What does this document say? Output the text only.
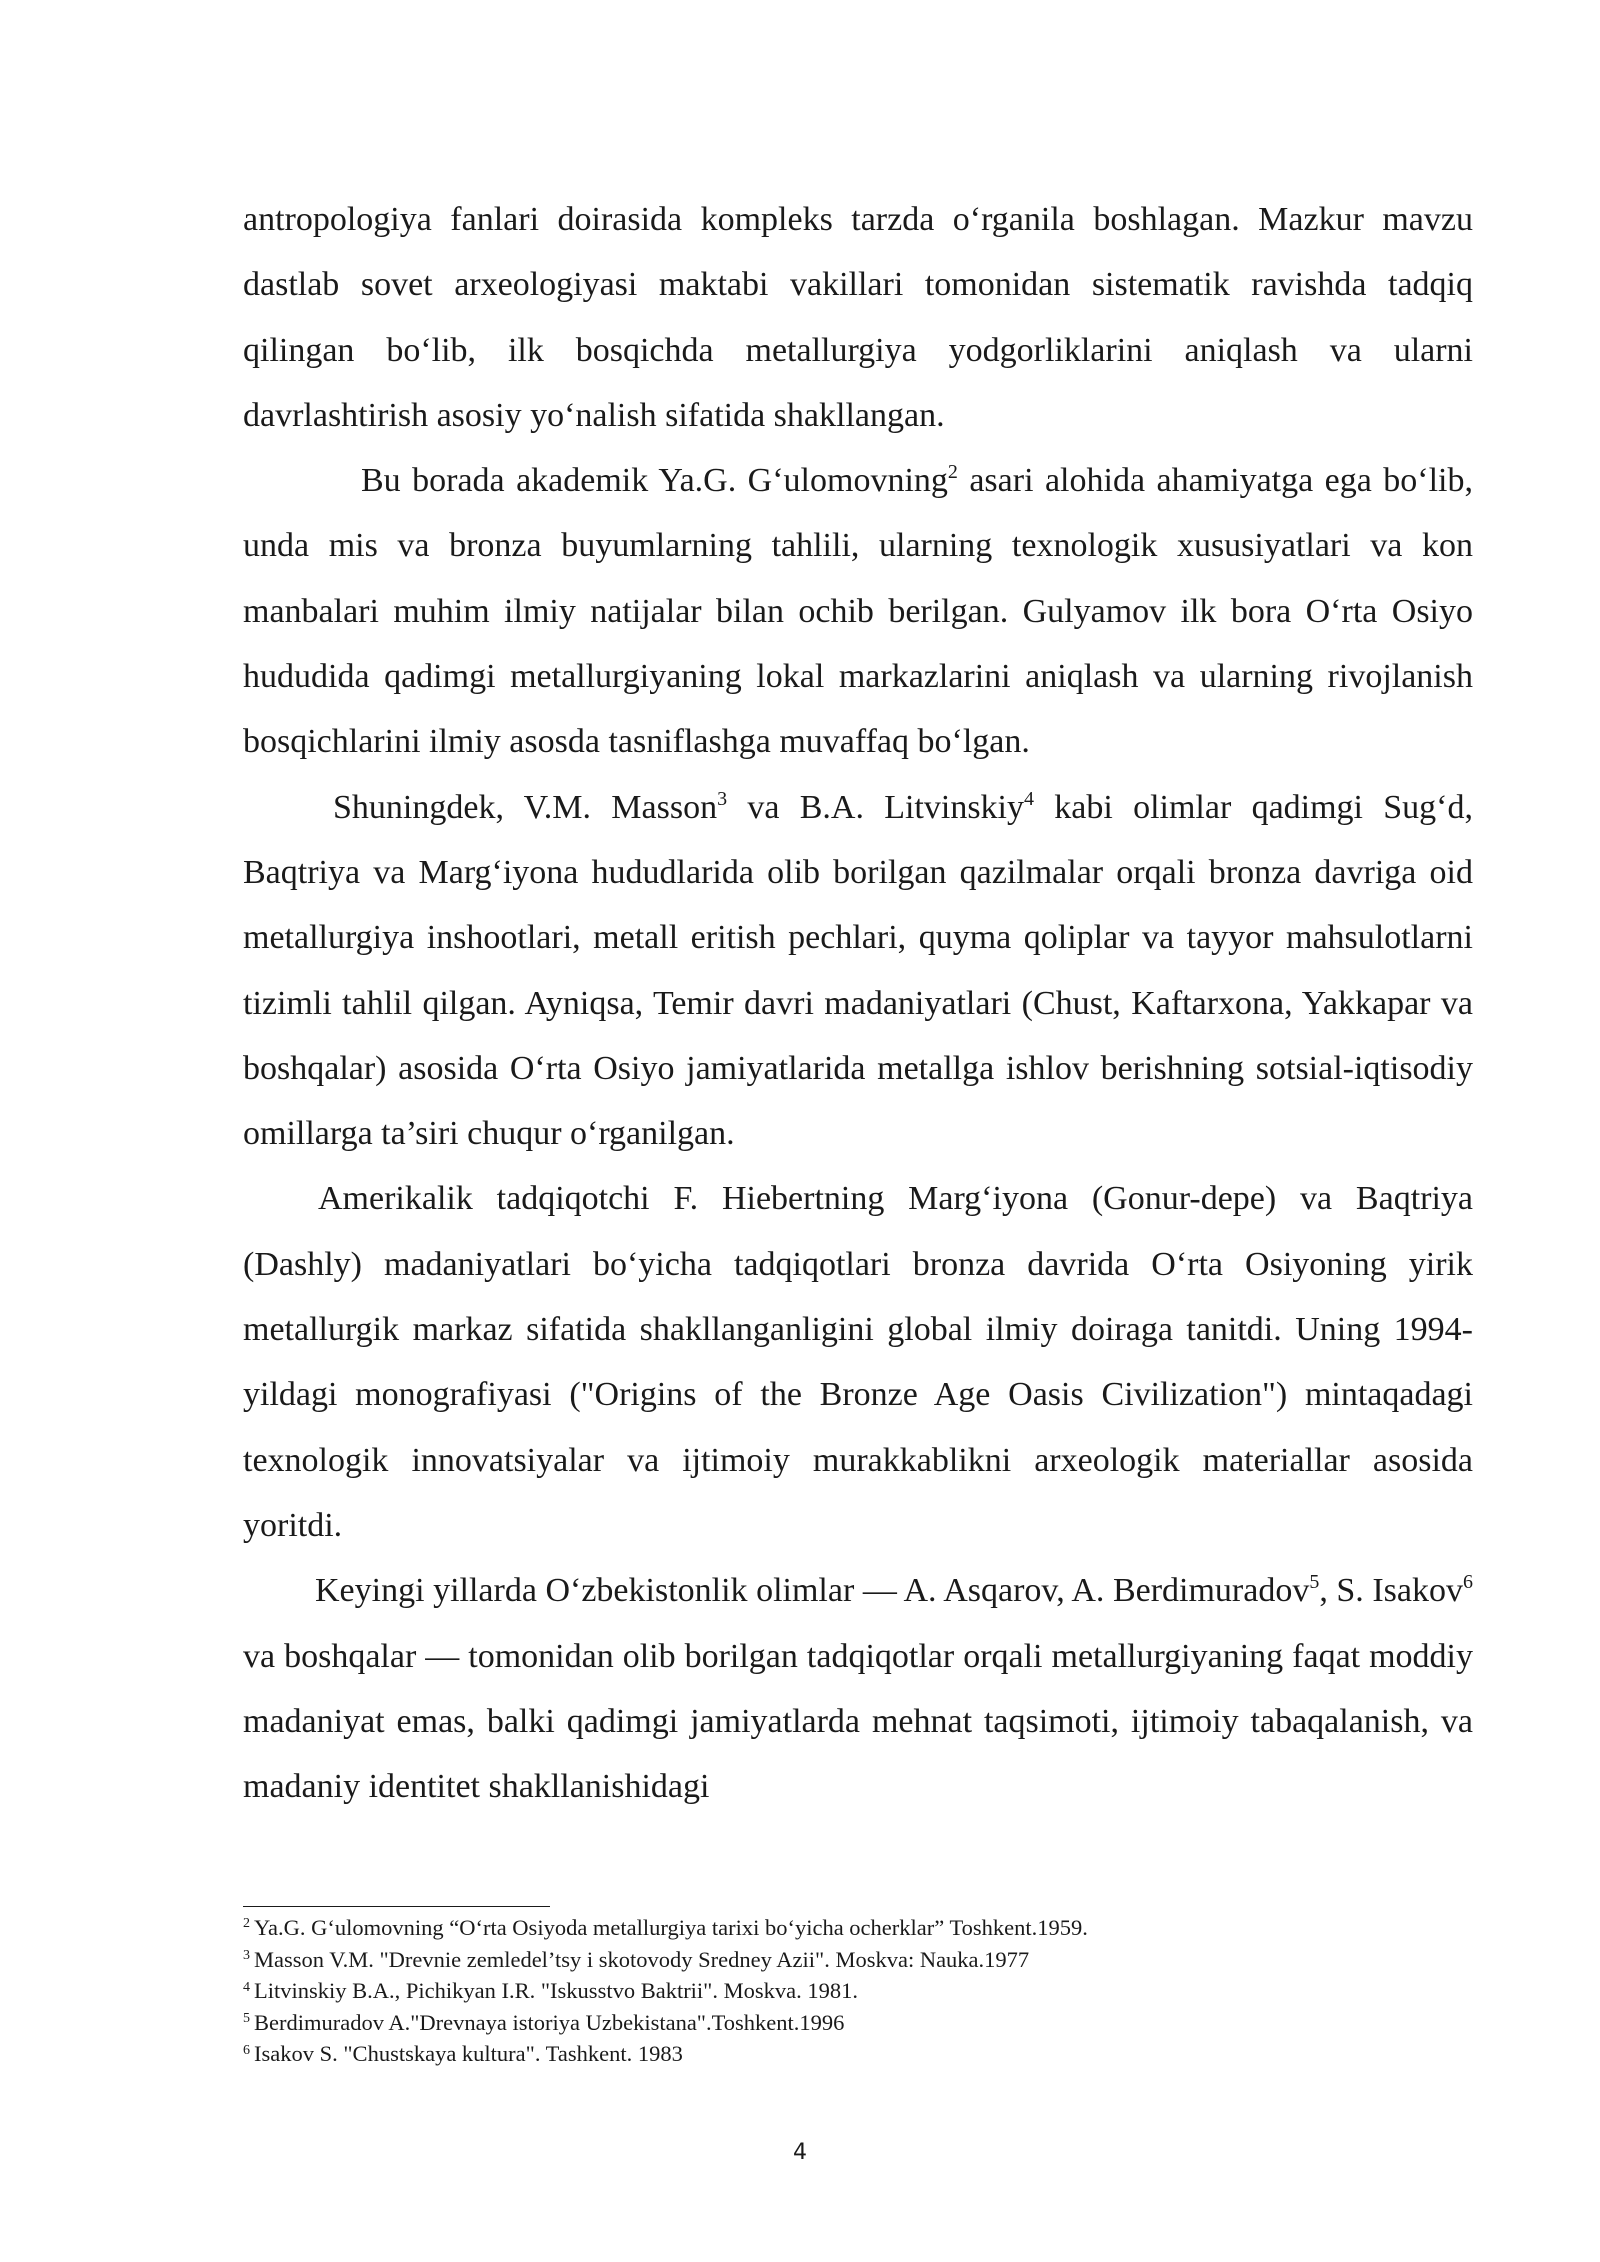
antropologiya fanlari doirasida kompleks tarzda o‘rganila boshlagan. Mazkur mavzu dastlab sovet arxeologiyasi maktabi vakillari tomonidan sistematik ravishda tadqiq qilingan bo‘lib, ilk bosqichda metallurgiya yodgorliklarini aniqlash va ularni davrlashtirish asosiy yo‘nalish sifatida shakllangan.

Bu borada akademik Ya.G. G‘ulomovning$^2$ asari alohida ahamiyatga ega bo‘lib, unda mis va bronza buyumlarning tahlili, ularning texnologik xususiyatlari va kon manbalari muhim ilmiy natijalar bilan ochib berilgan. Gulyamov ilk bora O‘rta Osiyo hududida qadimgi metallurgiyaning lokal markazlarini aniqlash va ularning rivojlanish bosqichlarini ilmiy asosda tasniflashga muvaffaq bo‘lgan.

Shuningdek, V.M. Masson$^3$ va B.A. Litvinskiy$^4$ kabi olimlar qadimgi Sug‘d, Baqtriya va Marg‘iyona hududlarida olib borilgan qazilmalar orqali bronza davriga oid metallurgiya inshootlari, metall eritish pechlari, quyma qoliplar va tayyor mahsulotlarni tizimli tahlil qilgan. Ayniqsa, Temir davri madaniyatlari (Chust, Kaftarxona, Yakkapar va boshqalar) asosida O‘rta Osiyo jamiyatlarida metallga ishlov berishning sotsial-iqtisodiy omillarga ta’siri chuqur o‘rganilgan.

Amerikalik tadqiqotchi F. Hiebertning Marg‘iyona (Gonur-depe) va Baqtriya (Dashly) madaniyatlari bo‘yicha tadqiqotlari bronza davrida O‘rta Osiyoning yirik metallurgik markaz sifatida shakllanganligini global ilmiy doiraga tanitdi. Uning 1994-yildagi monografiyasi ("Origins of the Bronze Age Oasis Civilization") mintaqadagi texnologik innovatsiyalar va ijtimoiy murakkablikni arxeologik materiallar asosida yoritdi.

Keyingi yillarda O‘zbekistonlik olimlar — A. Asqarov, A. Berdimuradov$^5$, S. Isakov$^6$ va boshqalar — tomonidan olib borilgan tadqiqotlar orqali metallurgiyaning faqat moddiy madaniyat emas, balki qadimgi jamiyatlarda mehnat taqsimoti, ijtimoiy tabaqalanish, va madaniy identitet shakllanishidagi

$^2$ Ya.G. G‘ulomovning “O‘rta Osiyoda metallurgiya tarixi bo‘yicha ocherklar” Toshkent.1959.

$^3$ Masson V.M. "Drevnie zemledel’tsy i skotovody Sredney Azii". Moskva: Nauka.1977

$^4$ Litvinskiy B.A., Pichikyan I.R. "Iskusstvo Baktrii". Moskva. 1981.

$^5$ Berdimuradov A."Drevnaya istoriya Uzbekistana".Toshkent.1996

$^6$ Isakov S. "Chustskaya kultura". Tashkent. 1983

4
